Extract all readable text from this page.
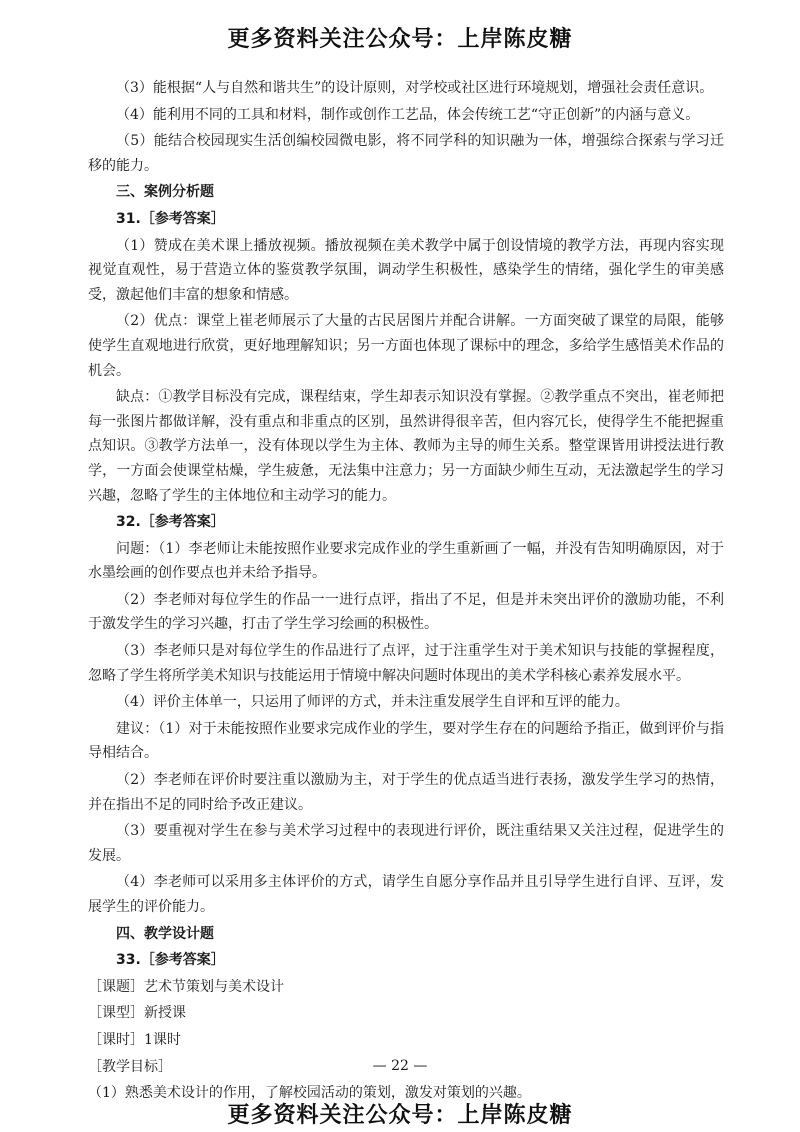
更多资料关注公众号：上岸陈皮糖

（3）能根据“人与自然和谐共生”的设计原则，对学校或社区进行环境规划，增强社会责任意识。

（4）能利用不同的工具和材料，制作或创作工艺品，体会传统工艺“守正创新”的内涵与意义。

（5）能结合校园现实生活创编校园微电影，将不同学科的知识融为一体，增强综合探索与学习迁移的能力。

三、案例分析题

31.［参考答案］

（1）赞成在美术课上播放视频。播放视频在美术教学中属于创设情境的教学方法，再现内容实现视觉直观性，易于营造立体的鉴赏教学氛围，调动学生积极性，感染学生的情绪，强化学生的审美感受，激起他们丰富的想象和情感。

（2）优点：课堂上崔老师展示了大量的古民居图片并配合讲解。一方面突破了课堂的局限，能够使学生直观地进行欣赏，更好地理解知识；另一方面也体现了课标中的理念，多给学生感悟美术作品的机会。

缺点：①教学目标没有完成，课程结束，学生却表示知识没有掌握。②教学重点不突出，崔老师把每一张图片都做详解，没有重点和非重点的区别，虽然讲得很辛苦，但内容冗长，使得学生不能把握重点知识。③教学方法单一，没有体现以学生为主体、教师为主导的师生关系。整堂课皆用讲授法进行教学，一方面会使课堂枯燥，学生疲惫，无法集中注意力；另一方面缺少师生互动，无法激起学生的学习兴趣，忽略了学生的主体地位和主动学习的能力。

32.［参考答案］

问题：（1）李老师让未能按照作业要求完成作业的学生重新画了一幅，并没有告知明确原因，对于水墨绘画的创作要点也并未给予指导。

（2）李老师对每位学生的作品一一进行点评，指出了不足，但是并未突出评价的激励功能，不利于激发学生的学习兴趣，打击了学生学习绘画的积极性。

（3）李老师只是对每位学生的作品进行了点评，过于注重学生对于美术知识与技能的掌握程度，忽略了学生将所学美术知识与技能运用于情境中解决问题时体现出的美术学科核心素养发展水平。

（4）评价主体单一，只运用了师评的方式，并未注重发展学生自评和互评的能力。

建议：（1）对于未能按照作业要求完成作业的学生，要对学生存在的问题给予指正，做到评价与指导相结合。

（2）李老师在评价时要注重以激励为主，对于学生的优点适当进行表扬，激发学生学习的热情，并在指出不足的同时给予改正建议。

（3）要重视对学生在参与美术学习过程中的表现进行评价，既注重结果又关注过程，促进学生的发展。

（4）李老师可以采用多主体评价的方式，请学生自愿分享作品并且引导学生进行自评、互评，发展学生的评价能力。

四、教学设计题

33.［参考答案］

［课题］艺术节策划与美术设计

［课型］新授课

［课时］1课时

［教学目标］

（1）熟悉美术设计的作用，了解校园活动的策划，激发对策划的兴趣。

— 22 —
更多资料关注公众号：上岸陈皮糖
